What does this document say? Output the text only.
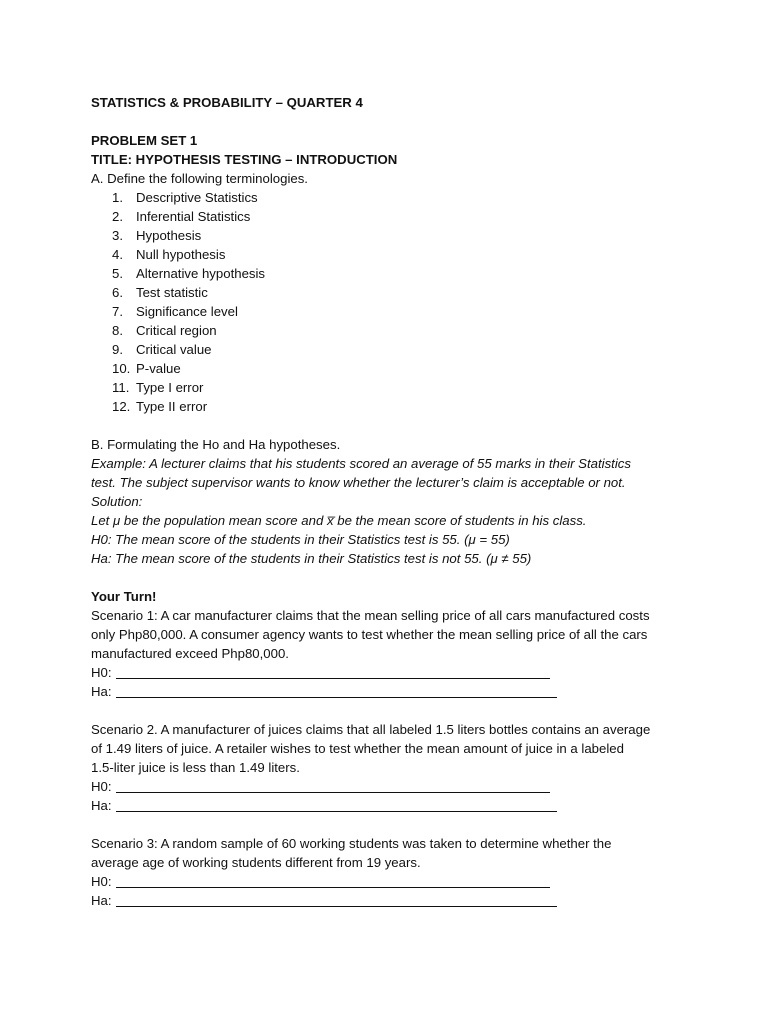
STATISTICS & PROBABILITY – QUARTER 4
PROBLEM SET 1
TITLE: HYPOTHESIS TESTING – INTRODUCTION
A. Define the following terminologies.
1. Descriptive Statistics
2. Inferential Statistics
3. Hypothesis
4. Null hypothesis
5. Alternative hypothesis
6. Test statistic
7. Significance level
8. Critical region
9. Critical value
10. P-value
11. Type I error
12. Type II error
B. Formulating the Ho and Ha hypotheses.
Example: A lecturer claims that his students scored an average of 55 marks in their Statistics
test. The subject supervisor wants to know whether the lecturer’s claim is acceptable or not.
Solution:
Let μ be the population mean score and x̅ be the mean score of students in his class.
H0: The mean score of the students in their Statistics test is 55. (μ = 55)
Ha: The mean score of the students in their Statistics test is not 55. (μ ≠ 55)
Your Turn!
Scenario 1: A car manufacturer claims that the mean selling price of all cars manufactured costs
only Php80,000. A consumer agency wants to test whether the mean selling price of all the cars
manufactured exceed Php80,000.
H0:
Ha:
Scenario 2. A manufacturer of juices claims that all labeled 1.5 liters bottles contains an average
of 1.49 liters of juice. A retailer wishes to test whether the mean amount of juice in a labeled
1.5-liter juice is less than 1.49 liters.
H0:
Ha:
Scenario 3: A random sample of 60 working students was taken to determine whether the
average age of working students different from 19 years.
H0:
Ha:
